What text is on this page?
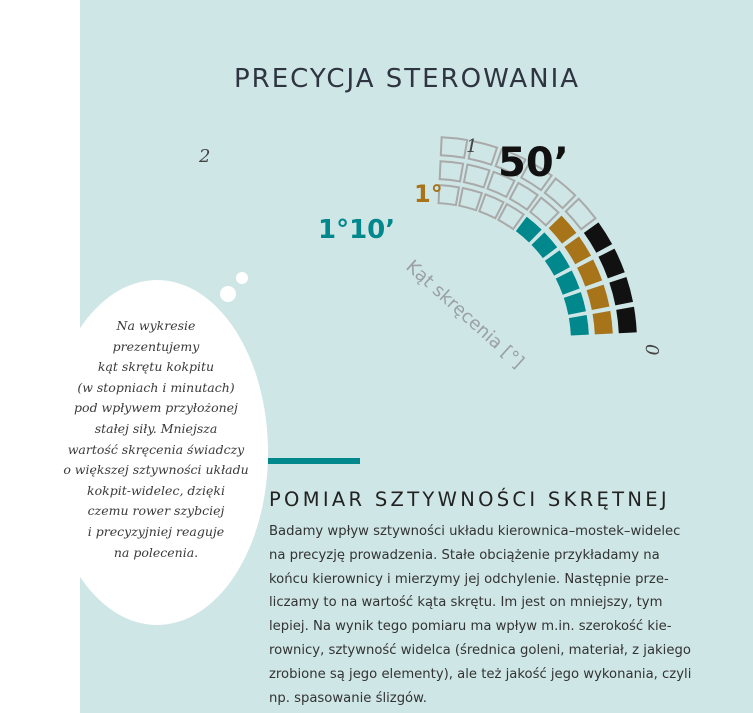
PRECYCJA STEROWANIA
50’
1°
1°10’
2	1
0
Kąt skręcenia [°]
Na wykresie
prezentujemy
kąt skrętu kokpitu
(w stopniach i minutach)
pod wpływem przyłożonej
stałej siły. Mniejsza
wartość skręcenia świadczy
o większej sztywności układu
kokpit-widelec, dzięki
czemu rower szybciej
i precyzyjniej reaguje
na polecenia.
POMIAR SZTYWNOŚCI SKRĘTNEJ
Badamy wpływ sztywności układu kierownica–mostek–widelec
na precyzję prowadzenia. Stałe obciążenie przykładamy na
końcu kierownicy i mierzymy jej odchylenie. Następnie prze-
liczamy to na wartość kąta skrętu. Im jest on mniejszy, tym
lepiej. Na wynik tego pomiaru ma wpływ m.in. szerokość kie-
rownicy, sztywność widelca (średnica goleni, materiał, z jakiego
zrobione są jego elementy), ale też jakość jego wykonania, czyli
np. spasowanie ślizgów.
